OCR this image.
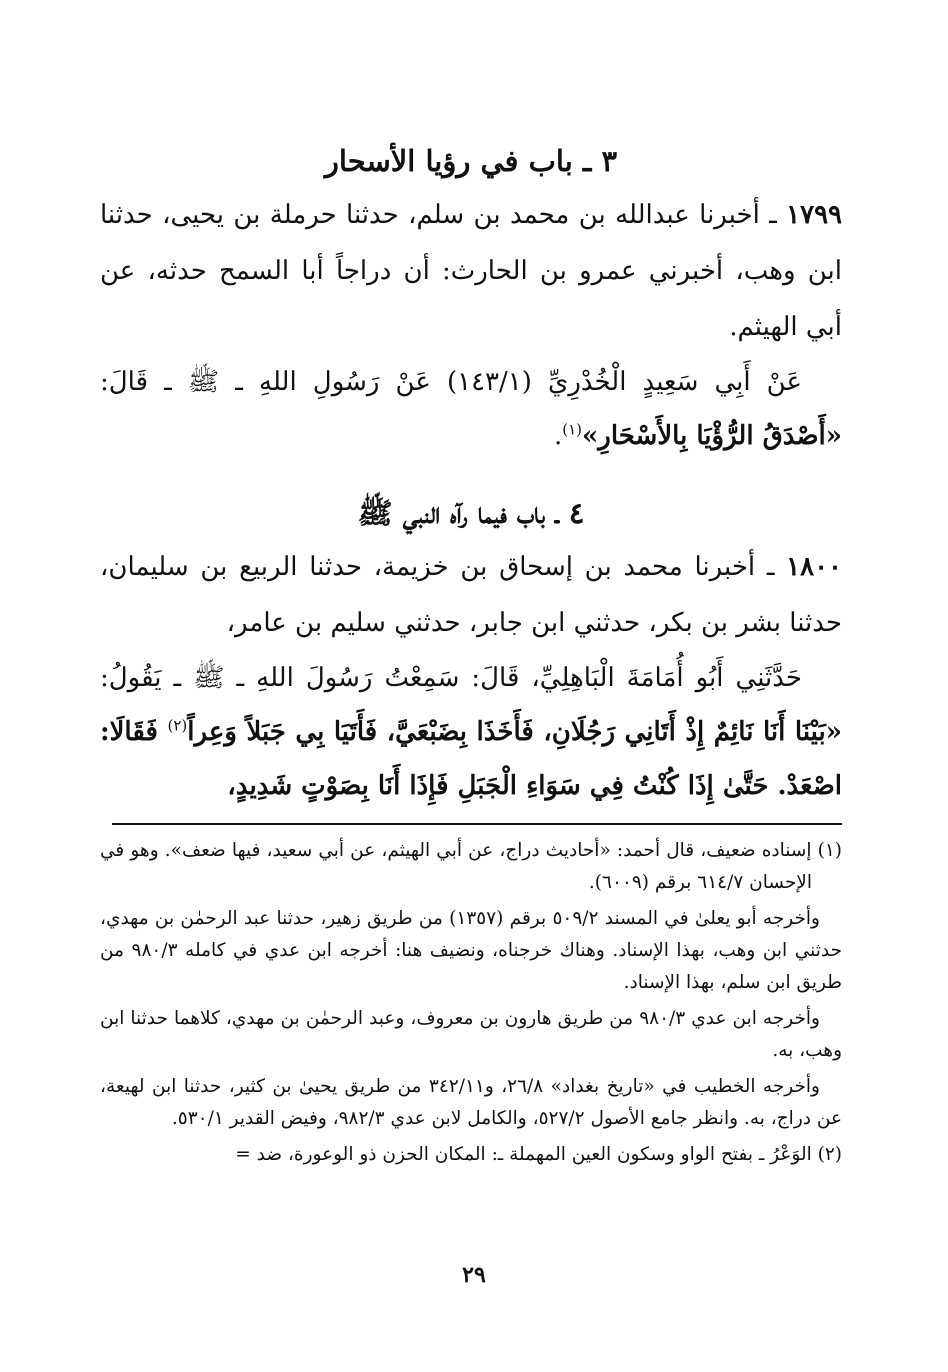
٣ ـ باب في رؤيا الأسحار

١٧٩٩ ـ أخبرنا عبدالله بن محمد بن سلم، حدثنا حرملة بن يحيى، حدثنا ابن وهب، أخبرني عمرو بن الحارث: أن دراجاً أبا السمح حدثه، عن أبي الهيثم.

عَنْ أَبِي سَعِيدٍ الْخُدْرِيِّ (١٤٣/١) عَنْ رَسُولِ اللهِ ـ ﷺ ـ قَالَ: «أَصْدَقُ الرُّؤْيَا بِالأَسْحَارِ»$^{(١)}$.

٤ ـ باب فيما رآه النبي ﷺ

١٨٠٠ ـ أخبرنا محمد بن إسحاق بن خزيمة، حدثنا الربيع بن سليمان، حدثنا بشر بن بكر، حدثني ابن جابر، حدثني سليم بن عامر،

حَدَّثَنِي أَبُو أُمَامَةَ الْبَاهِلِيِّ، قَالَ: سَمِعْتُ رَسُولَ اللهِ ـ ﷺ ـ يَقُولُ: «بَيْنَا أَنَا نَائِمٌ إِذْ أَتَانِي رَجُلَانِ، فَأَخَذَا بِضَبْعَيَّ، فَأَتَيَا بِي جَبَلاً وَعِراً$^{(٢)}$ فَقَالَا: اصْعَدْ. حَتَّىٰ إِذَا كُنْتُ فِي سَوَاءِ الْجَبَلِ فَإِذَا أَنَا بِصَوْتٍ شَدِيدٍ،

(١) إسناده ضعيف، قال أحمد: «أحاديث دراج، عن أبي الهيثم، عن أبي سعيد، فيها ضعف». وهو في الإحسان ٦١٤/٧ برقم (٦٠٠٩).

وأخرجه أبو يعلىٰ في المسند ٥٠٩/٢ برقم (١٣٥٧) من طريق زهير، حدثنا عبد الرحمٰن بن مهدي، حدثني ابن وهب، بهذا الإسناد. وهناك خرجناه، ونضيف هنا: أخرجه ابن عدي في كامله ٩٨٠/٣ من طريق ابن سلم، بهذا الإسناد.

وأخرجه ابن عدي ٩٨٠/٣ من طريق هارون بن معروف، وعبد الرحمٰن بن مهدي، كلاهما حدثنا ابن وهب، به.

وأخرجه الخطيب في «تاريخ بغداد» ٢٦/٨، و٣٤٢/١١ من طريق يحيىٰ بن كثير، حدثنا ابن لهيعة، عن دراج، به. وانظر جامع الأصول ٥٢٧/٢، والكامل لابن عدي ٩٨٢/٣، وفيض القدير ٥٣٠/١.

(٢) الوَعْرُ ـ بفتح الواو وسكون العين المهملة ـ: المكان الحزن ذو الوعورة، ضد =

٢٩
